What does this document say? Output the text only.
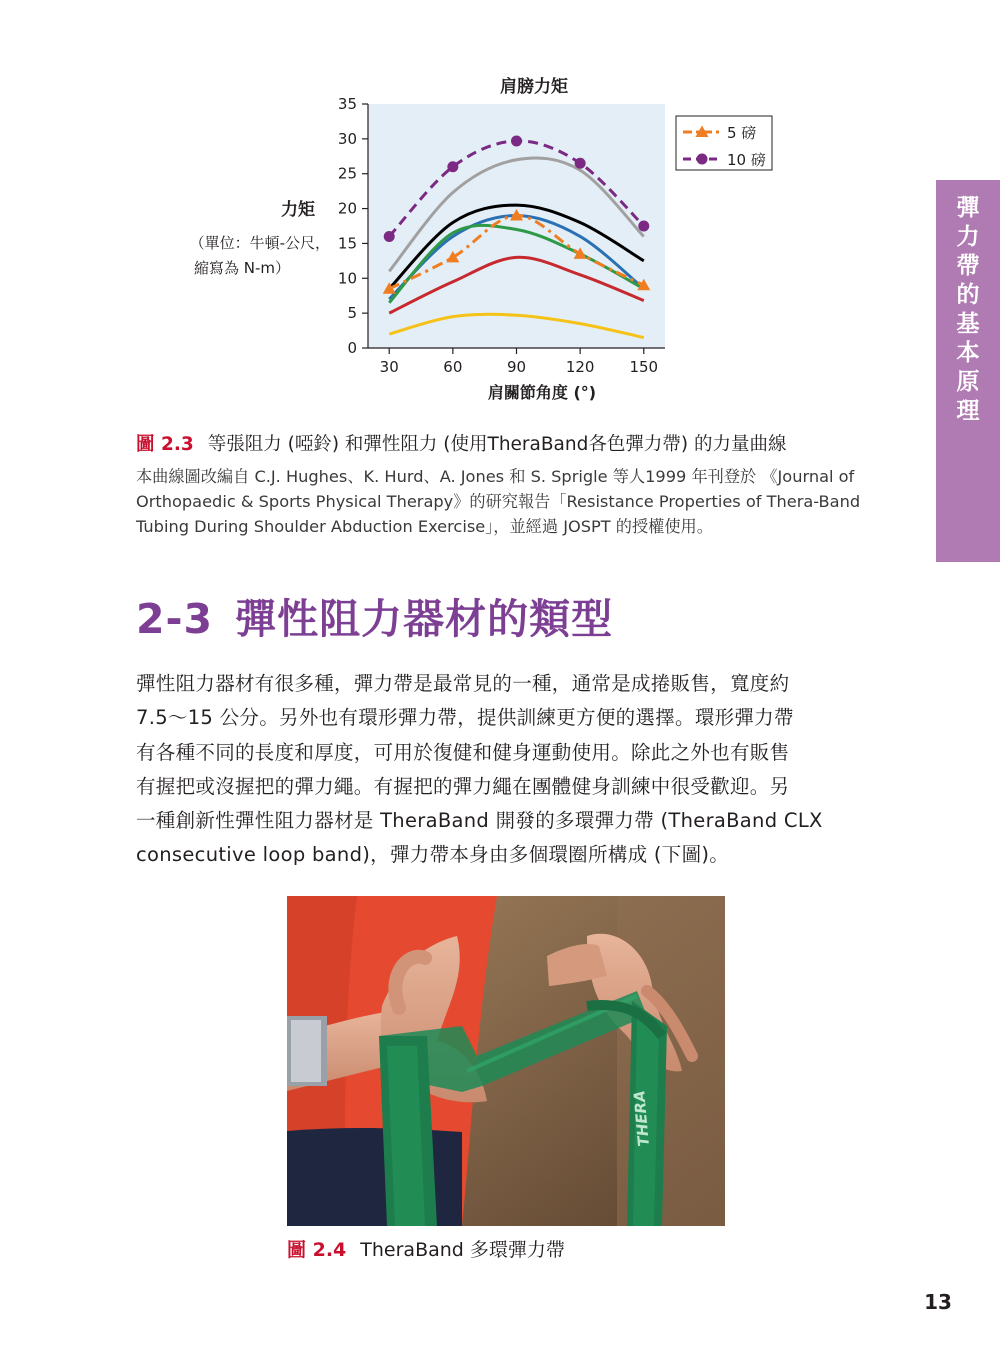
彈
力
帶
的
基
本
原
理
肩膀力矩
力矩
（單位：牛頓-公尺，
縮寫為 N-m）
0
5
10
15
20
25
30
35
30	60	90	120 150
肩關節角度 (°)
5 磅
10 磅
圖 2.3 等張阻力 (啞鈴) 和彈性阻力 (使用TheraBand各色彈力帶) 的力量曲線

本曲線圖改編自 C.J. Hughes、K. Hurd、A. Jones 和 S. Sprigle 等人1999 年刊登於 《Journal of

Orthopaedic & Sports Physical Therapy》的研究報告「Resistance Properties of Thera-Band

Tubing During Shoulder Abduction Exercise」，並經過 JOSPT 的授權使用。

2-3 彈性阻力器材的類型

彈性阻力器材有很多種，彈力帶是最常見的一種，通常是成捲販售，寬度約

7.5～15 公分。另外也有環形彈力帶，提供訓練更方便的選擇。環形彈力帶

有各種不同的長度和厚度，可用於復健和健身運動使用。除此之外也有販售

有握把或沒握把的彈力繩。有握把的彈力繩在團體健身訓練中很受歡迎。另

一種創新性彈性阻力器材是 TheraBand 開發的多環彈力帶 (TheraBand CLX

consecutive loop band)，彈力帶本身由多個環圈所構成 (下圖)。

THERA
圖 2.4 TheraBand 多環彈力帶
13
